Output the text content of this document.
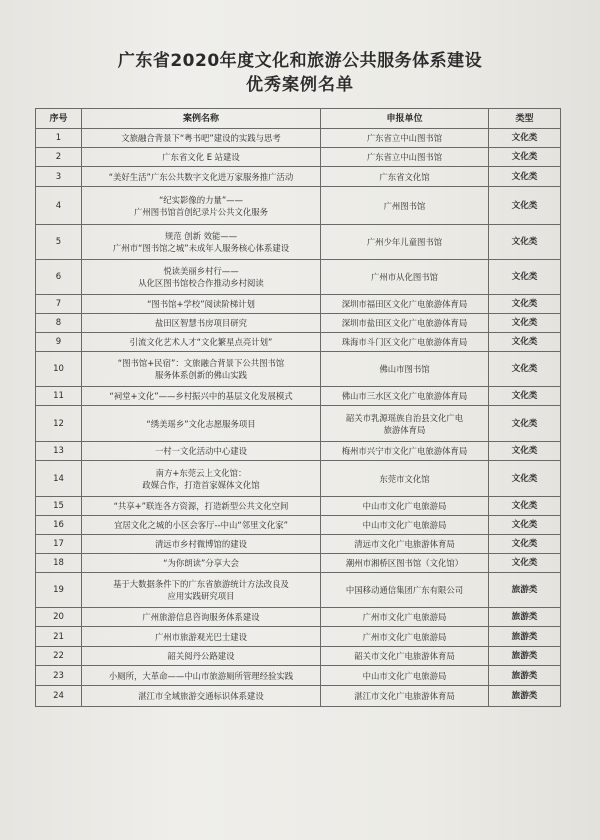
广东省2020年度文化和旅游公共服务体系建设
优秀案例名单
序号	案例名称	申报单位	类型
1	文旅融合背景下“粤书吧”建设的实践与思考	广东省立中山图书馆	文化类
2	广东省文化 E 站建设	广东省立中山图书馆	文化类
3	“美好生活”广东公共数字文化进万家服务推广活动	广东省文化馆	文化类
4	“纪实影像的力量”——
广州图书馆首创纪录片公共文化服务	广州图书馆	文化类
5	规范 创新 效能——
广州市“图书馆之城”未成年人服务核心体系建设	广州少年儿童图书馆	文化类
6	悦读美丽乡村行——
从化区图书馆校合作推动乡村阅读	广州市从化图书馆	文化类
7	“图书馆+学校”阅读阶梯计划	深圳市福田区文化广电旅游体育局	文化类
8	盐田区智慧书房项目研究	深圳市盐田区文化广电旅游体育局	文化类
9	引流文化艺术人才“文化繁星点亮计划”	珠海市斗门区文化广电旅游体育局	文化类
10	“图书馆+民宿”：文旅融合背景下公共图书馆
服务体系创新的佛山实践	佛山市图书馆	文化类
11	“祠堂+文化”——乡村振兴中的基层文化发展模式	佛山市三水区文化广电旅游体育局	文化类
12	“绣美瑶乡”文化志愿服务项目	韶关市乳源瑶族自治县文化广电
旅游体育局	文化类
13	一村一文化活动中心建设	梅州市兴宁市文化广电旅游体育局	文化类
14	南方+东莞云上文化馆：
政媒合作，打造首家媒体文化馆	东莞市文化馆	文化类
15	“共享+”联连各方资源，打造新型公共文化空间	中山市文化广电旅游局	文化类
16	宜居文化之城的小区会客厅--中山“邻里文化家”	中山市文化广电旅游局	文化类
17	清远市乡村微博馆的建设	清远市文化广电旅游体育局	文化类
18	“为你朗读”分享大会	潮州市湘桥区图书馆（文化馆）	文化类
19	基于大数据条件下的广东省旅游统计方法改良及
应用实践研究项目	中国移动通信集团广东有限公司	旅游类
20	广州旅游信息咨询服务体系建设	广州市文化广电旅游局	旅游类
21	广州市旅游观光巴士建设	广州市文化广电旅游局	旅游类
22	韶关阅丹公路建设	韶关市文化广电旅游体育局	旅游类
23	小厕所，大革命——中山市旅游厕所管理经验实践	中山市文化广电旅游局	旅游类
24	湛江市全域旅游交通标识体系建设	湛江市文化广电旅游体育局	旅游类
